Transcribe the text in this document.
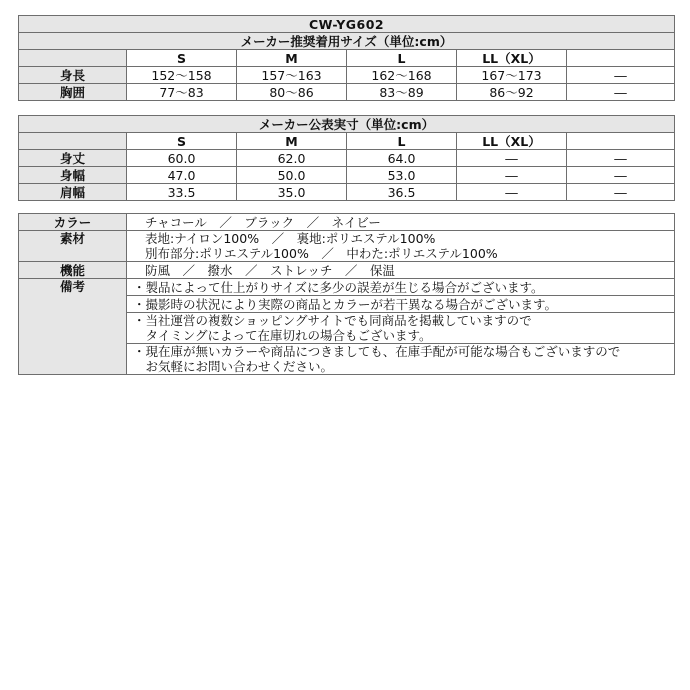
CW-YG602					
メーカー推奨着用サイズ（単位:cm）					
	S	M	L	LL（XL）	
身長	152〜158	157〜163	162〜168	167〜173	―
胸囲	77〜83	80〜86	83〜89	86〜92	―
メーカー公表実寸（単位:cm）					
	S	M	L	LL（XL）	
身丈	60.0	62.0	64.0	―	―
身幅	47.0	50.0	53.0	―	―
肩幅	33.5	35.0	36.5	―	―
カラー	チャコール　／　ブラック　／　ネイビー
素材	表地:ナイロン100%　／　裏地:ポリエステル100%
別布部分:ポリエステル100%　／　中わた:ポリエステル100%

機能	防風　／　撥水　／　ストレッチ　／　保温
備考	・製品によって仕上がりサイズに多少の誤差が生じる場合がございます。

	・撮影時の状況により実際の商品とカラーが若干異なる場合がございます。

	・当社運営の複数ショッピングサイトでも同商品を掲載していますので
　タイミングによって在庫切れの場合もございます。

	・現在庫が無いカラーや商品につきましても、在庫手配が可能な場合もございますので
　お気軽にお問い合わせください。
